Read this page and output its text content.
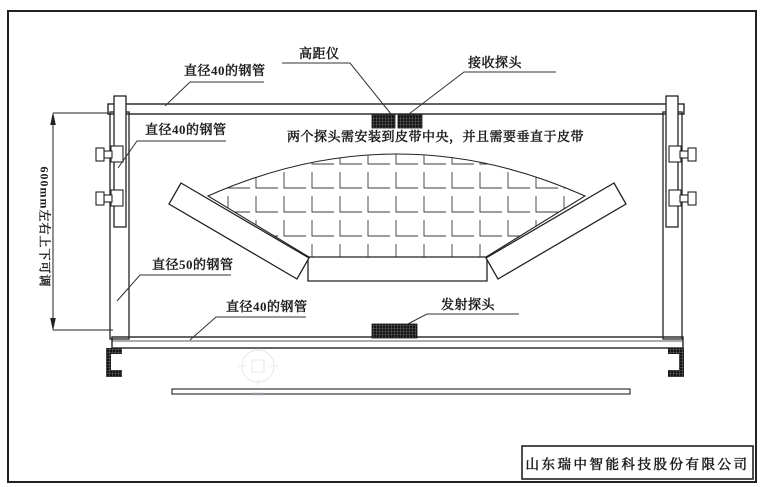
直径40的钢管
直径40的钢管
直径50的钢管
直径40的钢管
高距仪
接收探头
发射探头
两个探头需安装到皮带中央，并且需要垂直于皮带
600mm左右上下可调
山东瑞中智能科技股份有限公司
